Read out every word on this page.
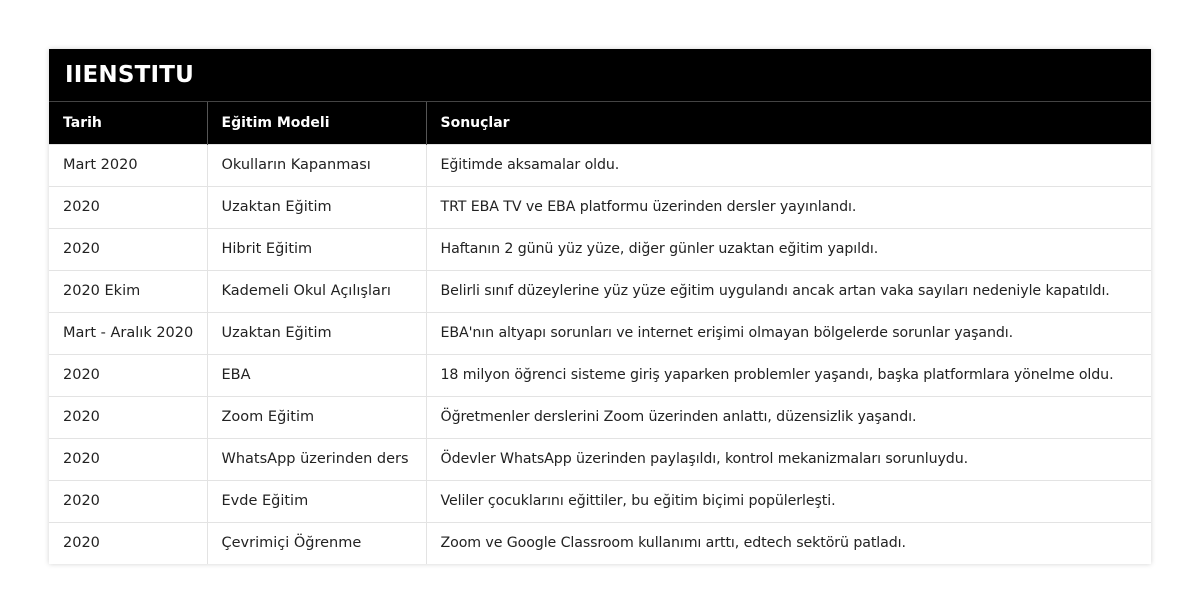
IIENSTITU
Tarih	Eğitim Modeli	Sonuçlar
Mart 2020	Okulların Kapanması	Eğitimde aksamalar oldu.
2020	Uzaktan Eğitim	TRT EBA TV ve EBA platformu üzerinden dersler yayınlandı.
2020	Hibrit Eğitim	Haftanın 2 günü yüz yüze, diğer günler uzaktan eğitim yapıldı.
2020 Ekim	Kademeli Okul Açılışları	Belirli sınıf düzeylerine yüz yüze eğitim uygulandı ancak artan vaka sayıları nedeniyle kapatıldı.
Mart - Aralık 2020	Uzaktan Eğitim	EBA'nın altyapı sorunları ve internet erişimi olmayan bölgelerde sorunlar yaşandı.
2020	EBA	18 milyon öğrenci sisteme giriş yaparken problemler yaşandı, başka platformlara yönelme oldu.
2020	Zoom Eğitim	Öğretmenler derslerini Zoom üzerinden anlattı, düzensizlik yaşandı.
2020	WhatsApp üzerinden ders	Ödevler WhatsApp üzerinden paylaşıldı, kontrol mekanizmaları sorunluydu.
2020	Evde Eğitim	Veliler çocuklarını eğittiler, bu eğitim biçimi popülerleşti.
2020	Çevrimiçi Öğrenme	Zoom ve Google Classroom kullanımı arttı, edtech sektörü patladı.
